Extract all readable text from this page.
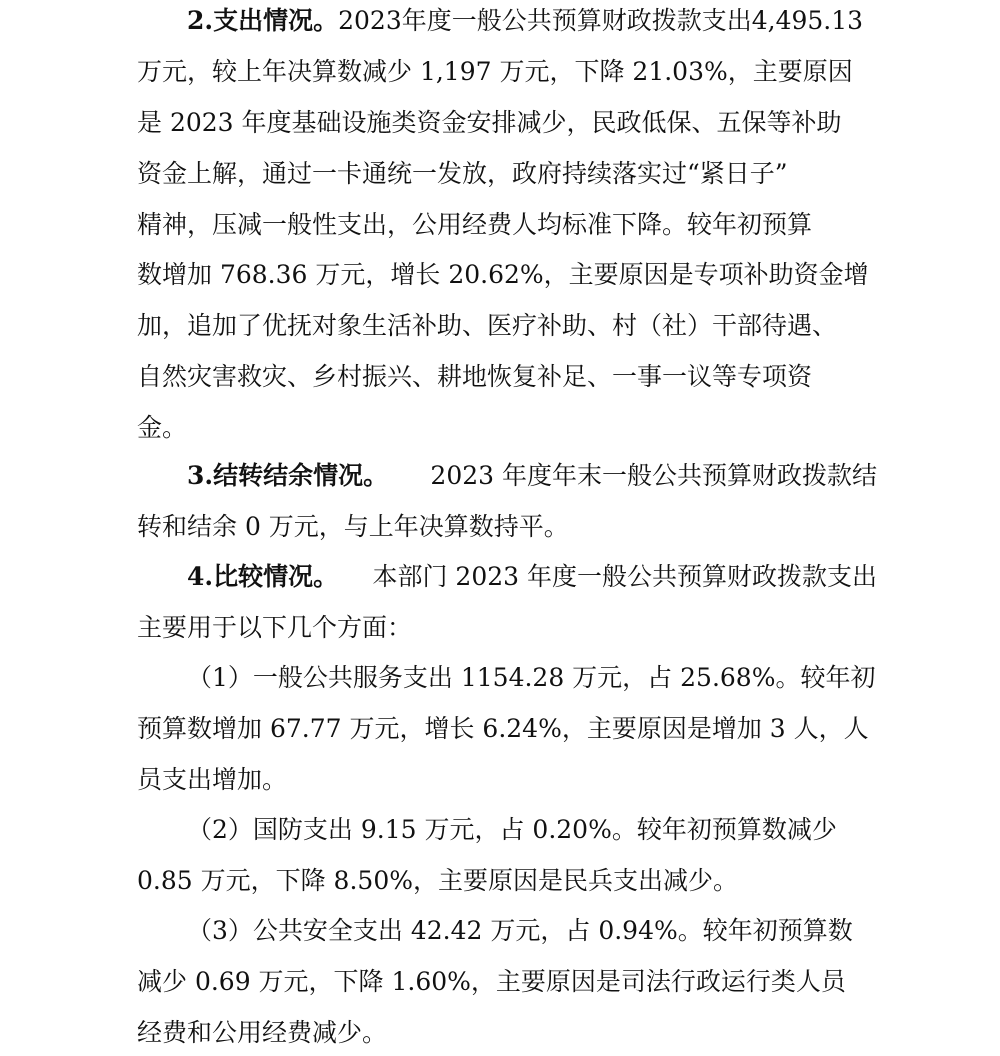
2.支出情况。 2023年度一般公共预算财政拨款支出4,495.13
万元，较上年决算数减少 1,197 万元，下降 21.03%，主要原因
是 2023 年度基础设施类资金安排减少，民政低保、五保等补助
资金上解，通过一卡通统一发放，政府持续落实过“紧日子”
精神，压减一般性支出，公用经费人均标准下降。较年初预算
数增加 768.36 万元，增长 20.62%，主要原因是专项补助资金增
加，追加了优抚对象生活补助、医疗补助、村（社）干部待遇、
自然灾害救灾、乡村振兴、耕地恢复补足、一事一议等专项资
金。
3.结转结余情况。 2023 年度年末一般公共预算财政拨款结
转和结余 0 万元，与上年决算数持平。
4.比较情况。 本部门 2023 年度一般公共预算财政拨款支出
主要用于以下几个方面：
（1）一般公共服务支出 1154.28 万元，占 25.68%。较年初
预算数增加 67.77 万元，增长 6.24%，主要原因是增加 3 人，人
员支出增加。
（2）国防支出 9.15 万元，占 0.20%。较年初预算数减少
0.85 万元，下降 8.50%，主要原因是民兵支出减少。
（3）公共安全支出 42.42 万元，占 0.94%。较年初预算数
减少 0.69 万元，下降 1.60%，主要原因是司法行政运行类人员
经费和公用经费减少。
